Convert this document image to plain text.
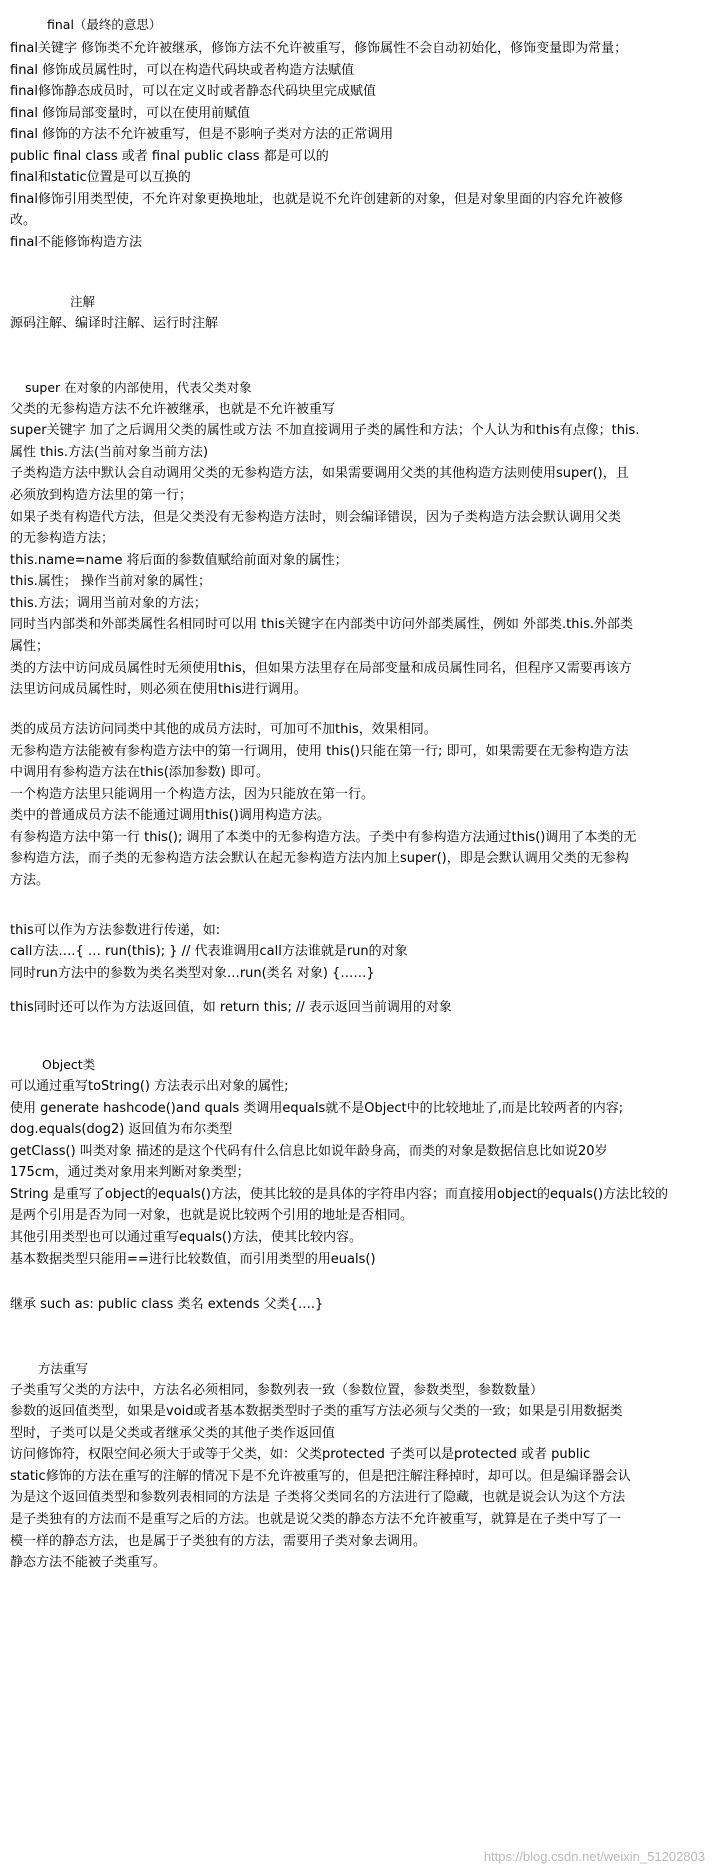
final（最终的意思）
final关键字 修饰类不允许被继承，修饰方法不允许被重写，修饰属性不会自动初始化，修饰变量即为常量；
final 修饰成员属性时，可以在构造代码块或者构造方法赋值
final修饰静态成员时，可以在定义时或者静态代码块里完成赋值
final 修饰局部变量时，可以在使用前赋值
final 修饰的方法不允许被重写，但是不影响子类对方法的正常调用
public final class 或者 final public class 都是可以的
final和static位置是可以互换的
final修饰引用类型使，不允许对象更换地址，也就是说不允许创建新的对象，但是对象里面的内容允许被修
改。
final不能修饰构造方法
注解
源码注解、编译时注解、运行时注解
super 在对象的内部使用，代表父类对象
父类的无参构造方法不允许被继承，也就是不允许被重写
super关键字 加了之后调用父类的属性或方法 不加直接调用子类的属性和方法；个人认为和this有点像；this.
属性 this.方法(当前对象当前方法)
子类构造方法中默认会自动调用父类的无参构造方法，如果需要调用父类的其他构造方法则使用super()，且
必须放到构造方法里的第一行；
如果子类有构造代方法，但是父类没有无参构造方法时，则会编译错误，因为子类构造方法会默认调用父类
的无参构造方法；
this.name=name 将后面的参数值赋给前面对象的属性；
this.属性； 操作当前对象的属性；
this.方法；调用当前对象的方法；
同时当内部类和外部类属性名相同时可以用 this关键字在内部类中访问外部类属性，例如 外部类.this.外部类
属性；
类的方法中访问成员属性时无须使用this，但如果方法里存在局部变量和成员属性同名，但程序又需要再该方
法里访问成员属性时，则必须在使用this进行调用。
类的成员方法访问同类中其他的成员方法时，可加可不加this，效果相同。
无参构造方法能被有参构造方法中的第一行调用，使用 this()只能在第一行; 即可，如果需要在无参构造方法
中调用有参构造方法在this(添加参数) 即可。
一个构造方法里只能调用一个构造方法，因为只能放在第一行。
类中的普通成员方法不能通过调用this()调用构造方法。
有参构造方法中第一行 this(); 调用了本类中的无参构造方法。子类中有参构造方法通过this()调用了本类的无
参构造方法，而子类的无参构造方法会默认在起无参构造方法内加上super()，即是会默认调用父类的无参构
方法。
this可以作为方法参数进行传递，如:
call方法….{ … run(this); } // 代表谁调用call方法谁就是run的对象
同时run方法中的参数为类名类型对象…run(类名 对象) {……}
this同时还可以作为方法返回值，如 return this; // 表示返回当前调用的对象
Object类
可以通过重写toString() 方法表示出对象的属性;
使用 generate hashcode()and quals 类调用equals就不是Object中的比较地址了,而是比较两者的内容;
dog.equals(dog2) 返回值为布尔类型
getClass() 叫类对象 描述的是这个代码有什么信息比如说年龄身高，而类的对象是数据信息比如说20岁
175cm，通过类对象用来判断对象类型；
String 是重写了object的equals()方法，使其比较的是具体的字符串内容；而直接用object的equals()方法比较的
是两个引用是否为同一对象，也就是说比较两个引用的地址是否相同。
其他引用类型也可以通过重写equals()方法，使其比较内容。
基本数据类型只能用==进行比较数值，而引用类型的用euals()
继承 such as: public class 类名 extends 父类{….}
方法重写
子类重写父类的方法中，方法名必须相同，参数列表一致（参数位置，参数类型，参数数量）
参数的返回值类型，如果是void或者基本数据类型时子类的重写方法必须与父类的一致；如果是引用数据类
型时，子类可以是父类或者继承父类的其他子类作返回值
访问修饰符，权限空间必须大于或等于父类，如：父类protected 子类可以是protected 或者 public
static修饰的方法在重写的注解的情况下是不允许被重写的，但是把注解注释掉时，却可以。但是编译器会认
为是这个返回值类型和参数列表相同的方法是 子类将父类同名的方法进行了隐藏，也就是说会认为这个方法
是子类独有的方法而不是重写之后的方法。也就是说父类的静态方法不允许被重写，就算是在子类中写了一
模一样的静态方法，也是属于子类独有的方法，需要用子类对象去调用。
静态方法不能被子类重写。
https://blog.csdn.net/weixin_51202803
